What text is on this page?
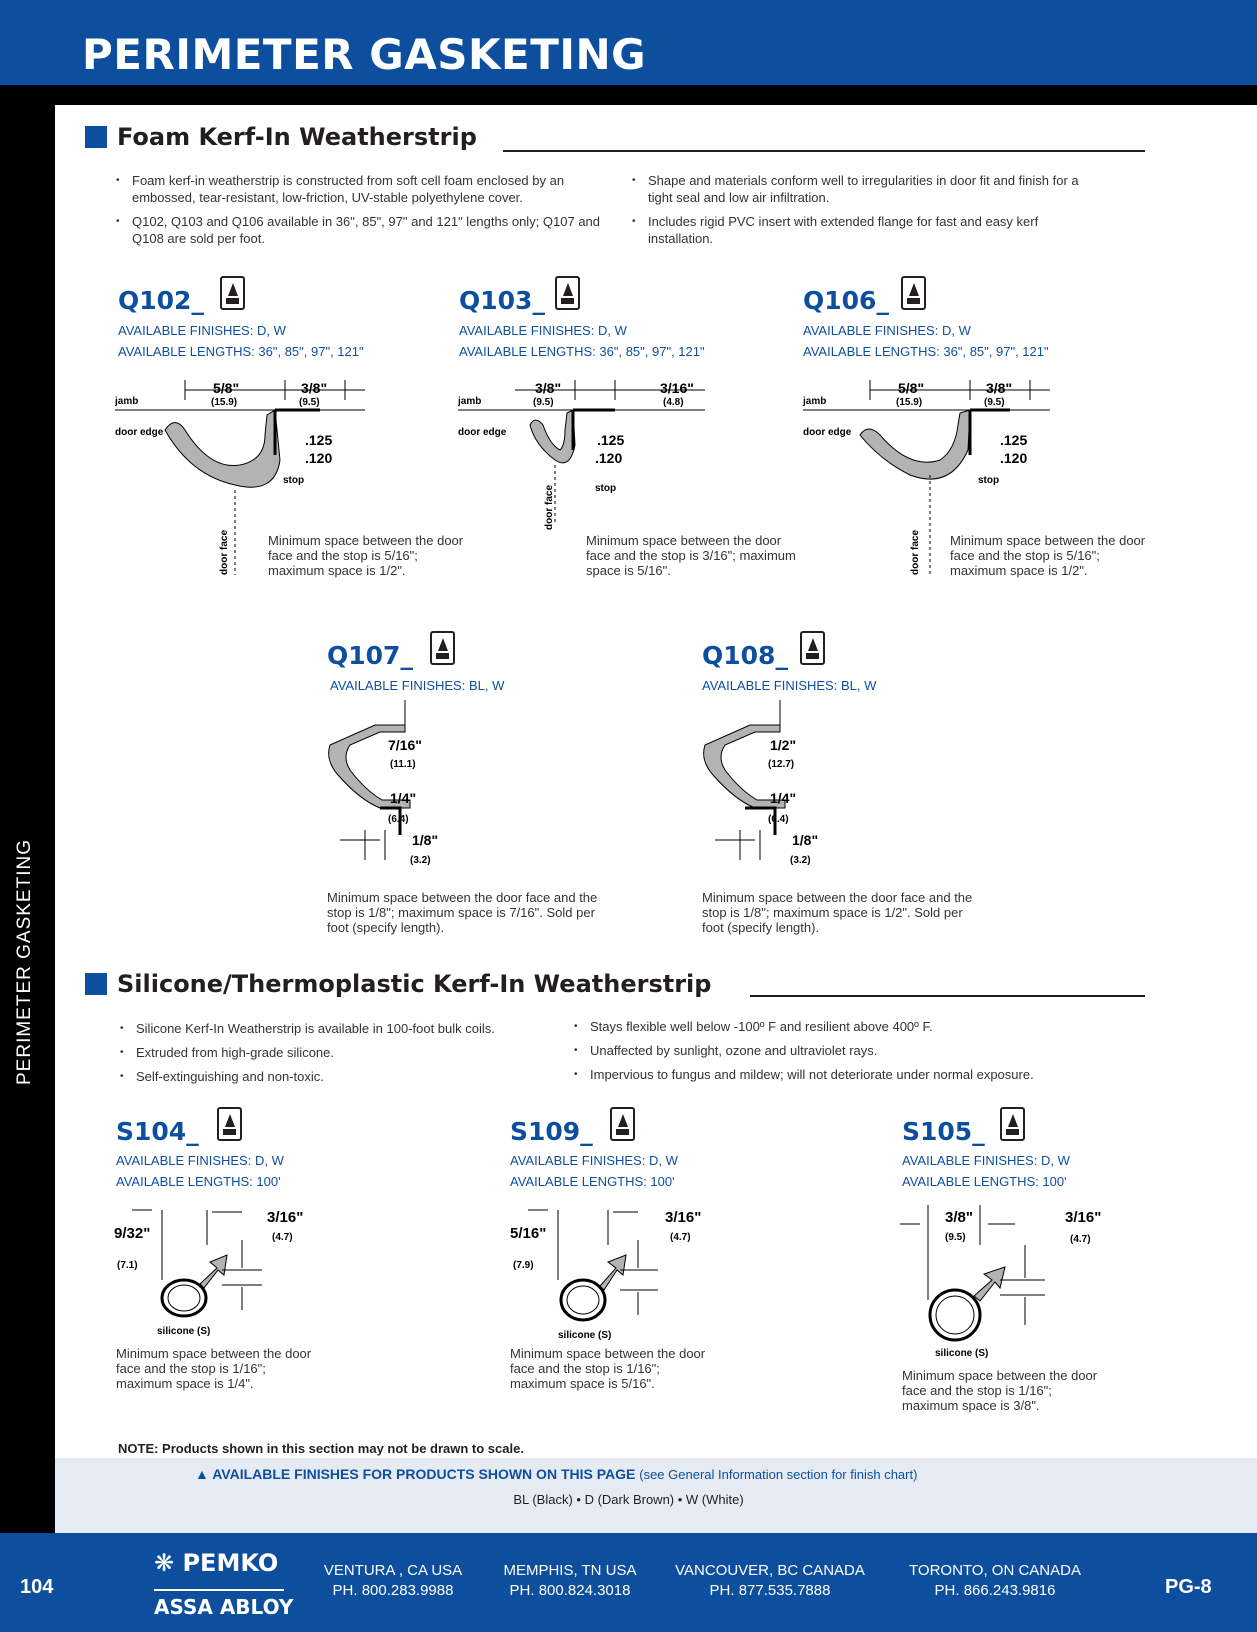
PERIMETER GASKETING
PERIMETER GASKETING
Foam Kerf-In Weatherstrip
• Foam kerf-in weatherstrip is constructed from soft cell foam enclosed by an embossed, tear-resistant, low-friction, UV-stable polyethylene cover.
• Q102, Q103 and Q106 available in 36", 85", 97" and 121" lengths only; Q107 and Q108 are sold per foot.
• Shape and materials conform well to irregularities in door fit and finish for a tight seal and low air infiltration.
• Includes rigid PVC insert with extended flange for fast and easy kerf installation.
Q102_
AVAILABLE FINISHES: D, W
AVAILABLE LENGTHS: 36", 85", 97", 121"
5/8"
(15.9)
3/8"
(9.5)
jamb
door edge	.125
.120
stop
door face	Minimum space between the door face and the stop is 5/16"; maximum space is 1/2".
Q103_
AVAILABLE FINISHES: D, W
AVAILABLE LENGTHS: 36", 85", 97", 121"
3/8"
(9.5)
3/16"
(4.8)
jamb
door edge	.125
.120
stop
door face
Minimum space between the door face and the stop is 3/16"; maximum space is 5/16".
Q106_
AVAILABLE FINISHES: D, W
AVAILABLE LENGTHS: 36", 85", 97", 121"
5/8"
(15.9)
3/8"
(9.5)
jamb
door edge	.125
.120
stop
door face Minimum space between the door face and the stop is 5/16"; maximum space is 1/2".
Q107_
AVAILABLE FINISHES: BL, W
7/16"
(11.1)
1/4"
(6.4)
1/8"
(3.2)
Minimum space between the door face and the stop is 1/8"; maximum space is 7/16". Sold per foot (specify length).
Q108_
AVAILABLE FINISHES: BL, W
1/2"
(12.7)
1/4"
(6.4)
1/8"
(3.2)
Minimum space between the door face and the stop is 1/8"; maximum space is 1/2". Sold per foot (specify length).
Silicone/Thermoplastic Kerf-In Weatherstrip
• Silicone Kerf-In Weatherstrip is available in 100-foot bulk coils.
• Extruded from high-grade silicone.
• Self-extinguishing and non-toxic.
• Stays flexible well below -100º F and resilient above 400º F.
• Unaffected by sunlight, ozone and ultraviolet rays.
• Impervious to fungus and mildew; will not deteriorate under normal exposure.
S104_
AVAILABLE FINISHES: D, W
AVAILABLE LENGTHS: 100'
9/32"
(7.1)
3/16"
(4.7)
silicone (S)
Minimum space between the door face and the stop is 1/16"; maximum space is 1/4".
S109_
AVAILABLE FINISHES: D, W
AVAILABLE LENGTHS: 100'
5/16"
(7.9)
3/16"
(4.7)
silicone (S)
Minimum space between the door face and the stop is 1/16"; maximum space is 5/16".
S105_
AVAILABLE FINISHES: D, W
AVAILABLE LENGTHS: 100'
3/8"
(9.5)
3/16"
(4.7)
silicone (S)
Minimum space between the door face and the stop is 1/16"; maximum space is 3/8".
NOTE: Products shown in this section may not be drawn to scale.
▲ AVAILABLE FINISHES FOR PRODUCTS SHOWN ON THIS PAGE (see General Information section for finish chart)
BL (Black) • D (Dark Brown) • W (White)
104
❋ PEMKO
ASSA ABLOY
VENTURA , CA USA
PH. 800.283.9988
MEMPHIS, TN USA
PH. 800.824.3018
VANCOUVER, BC CANADA
PH. 877.535.7888
TORONTO, ON CANADA
PH. 866.243.9816	PG-8
